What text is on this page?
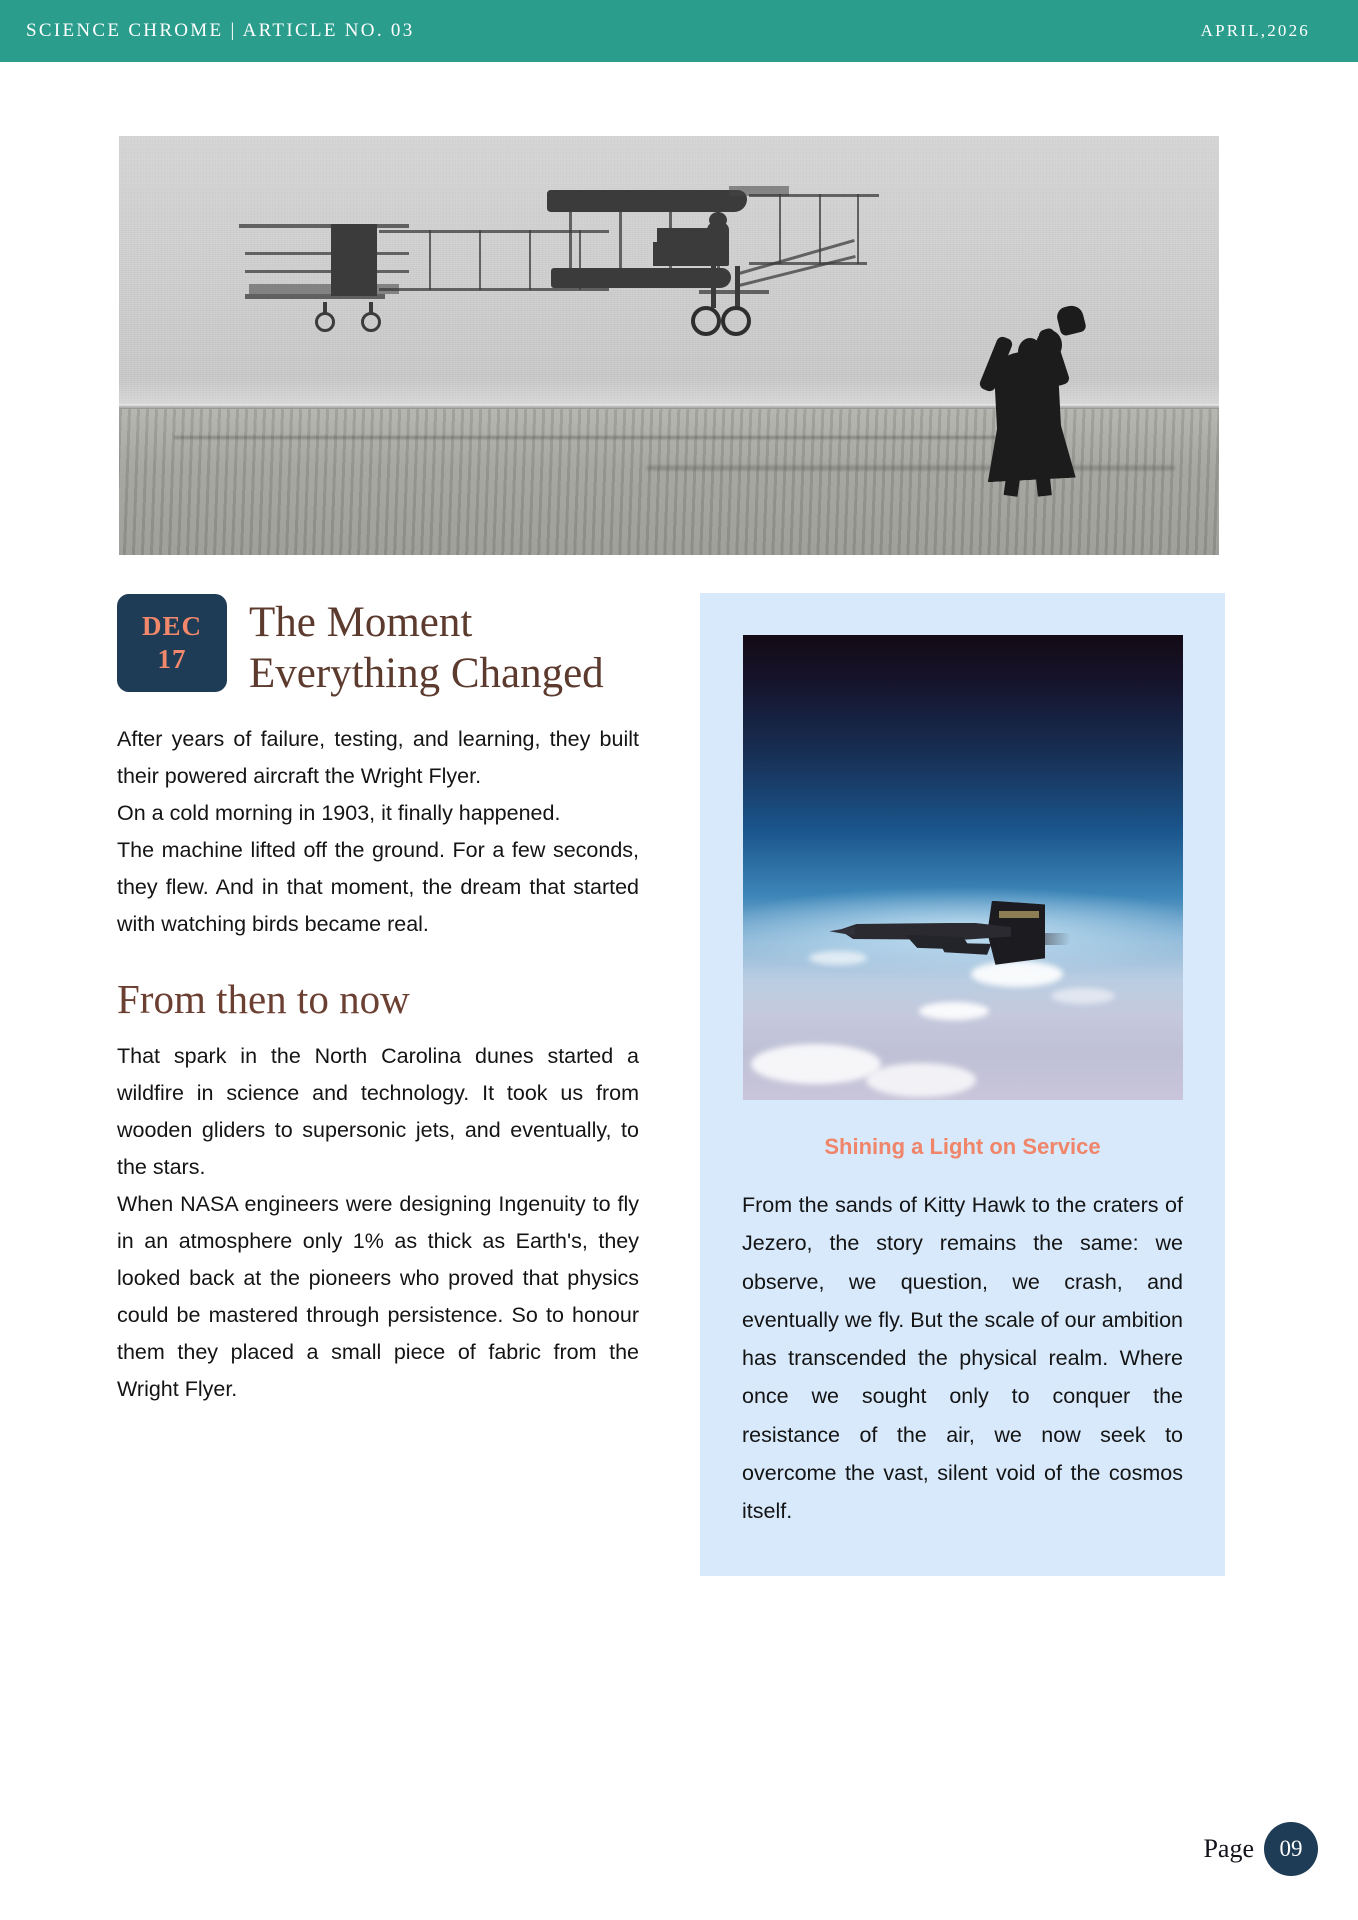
SCIENCE CHROME | ARTICLE NO. 03	APRIL,2026
DEC
17
The Moment Everything Changed

After years of failure, testing, and learning, they built their powered aircraft the Wright Flyer.

On a cold morning in 1903, it finally happened.

The machine lifted off the ground. For a few seconds, they flew. And in that moment, the dream that started with watching birds became real.

From then to now

That spark in the North Carolina dunes started a wildfire in science and technology. It took us from wooden gliders to supersonic jets, and eventually, to the stars.

When NASA engineers were designing Ingenuity to fly in an atmosphere only 1% as thick as Earth's, they looked back at the pioneers who proved that physics could be mastered through persistence. So to honour them they placed a small piece of fabric from the Wright Flyer.

Shining a Light on Service
From the sands of Kitty Hawk to the craters of Jezero, the story remains the same: we observe, we question, we crash, and eventually we fly. But the scale of our ambition has transcended the physical realm. Where once we sought only to conquer the resistance of the air, we now seek to overcome the vast, silent void of the cosmos itself.
Page	09
